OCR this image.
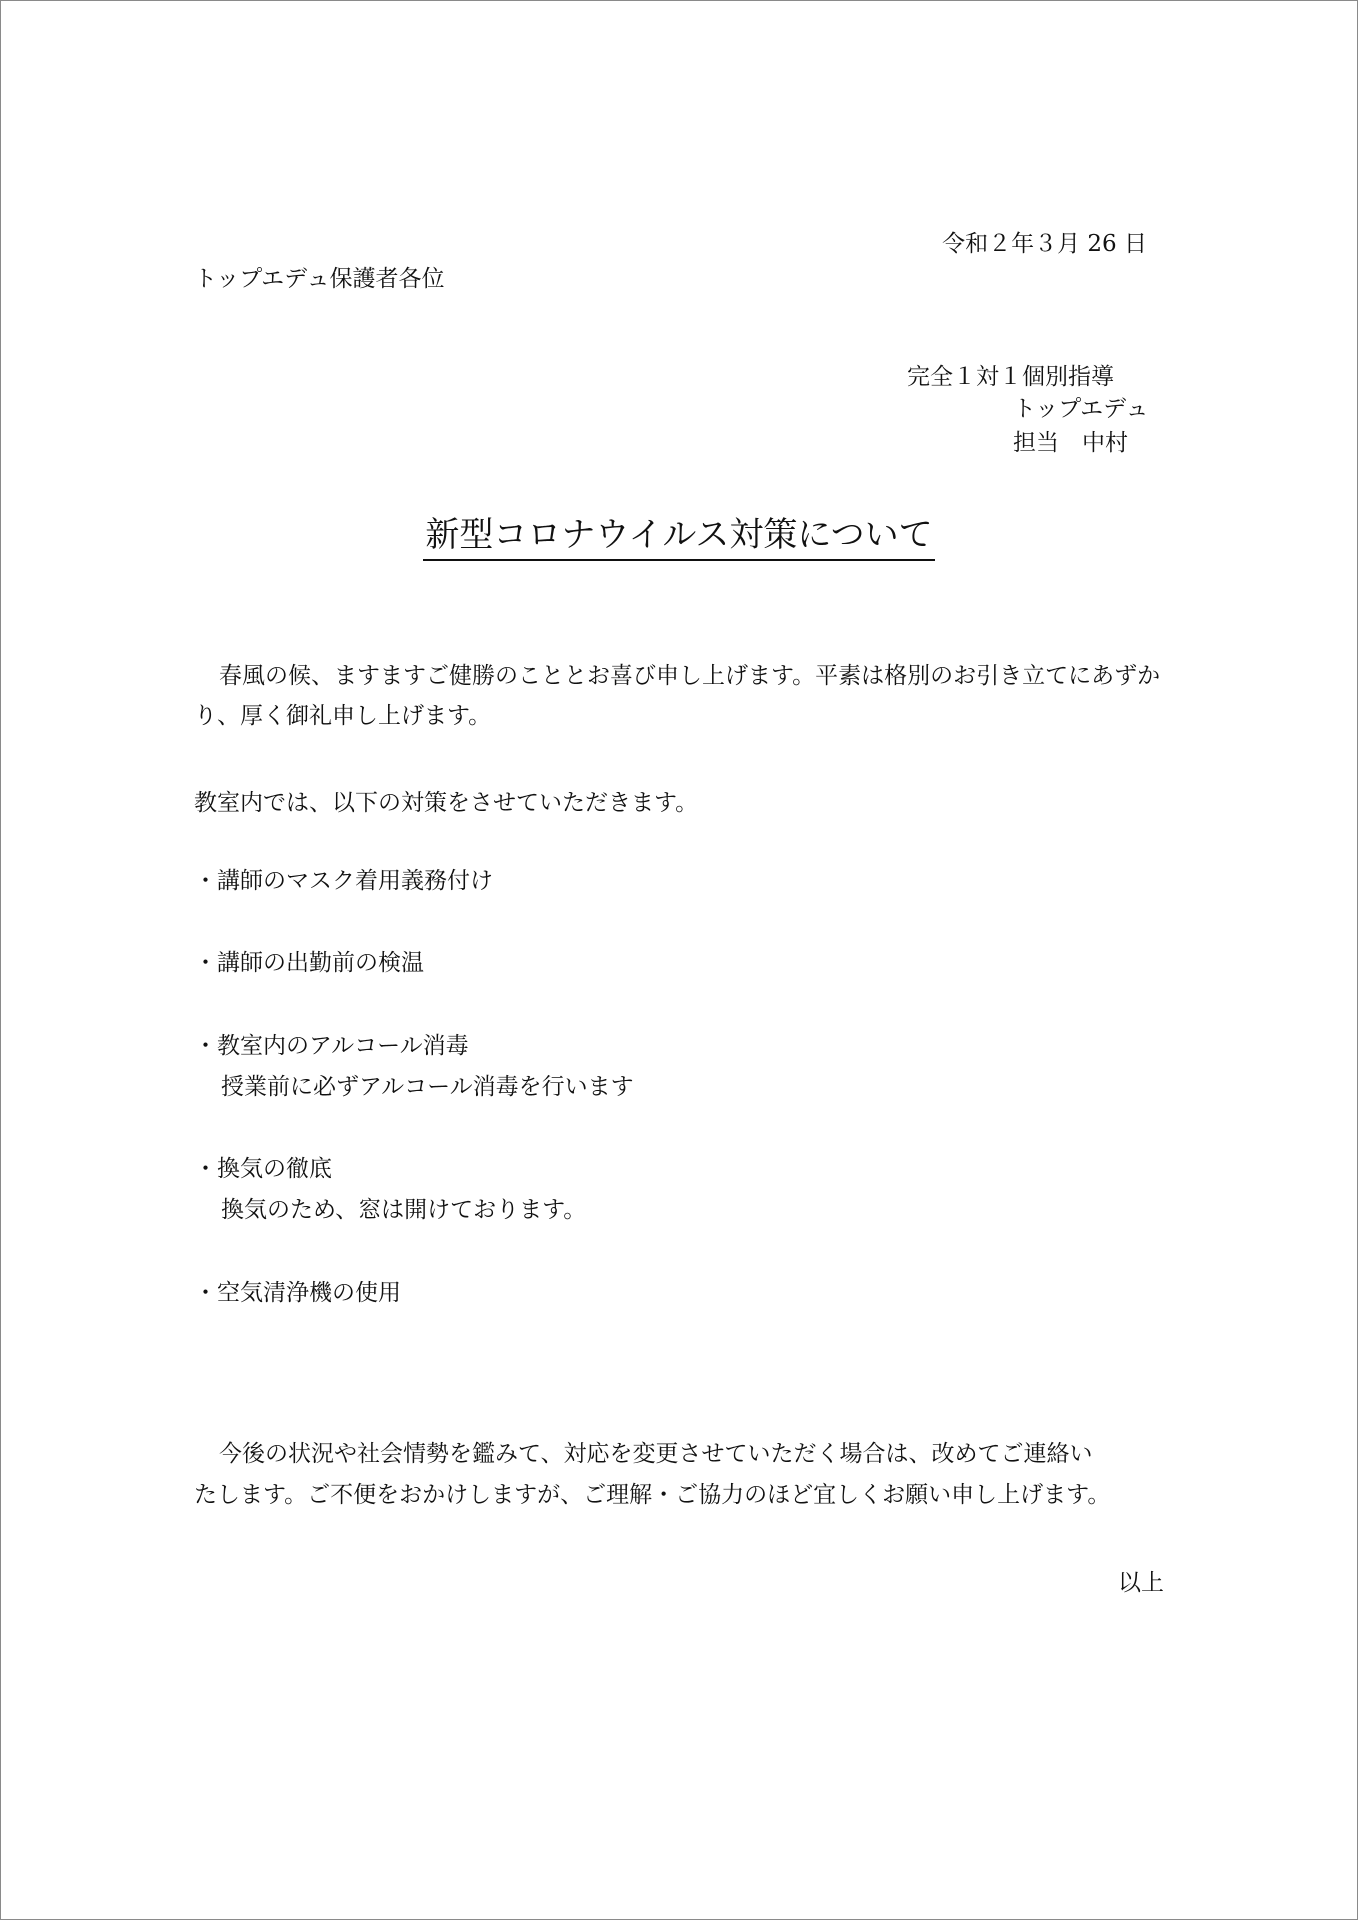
令和２年３月 26 日
トップエデュ保護者各位
完全１対１個別指導
トップエデュ
担当　中村
新型コロナウイルス対策について
春風の候、ますますご健勝のこととお喜び申し上げます。平素は格別のお引き立てにあずか
り、厚く御礼申し上げます。
教室内では、以下の対策をさせていただきます。
・講師のマスク着用義務付け
・講師の出勤前の検温
・教室内のアルコール消毒
授業前に必ずアルコール消毒を行います
・換気の徹底
換気のため、窓は開けております。
・空気清浄機の使用
今後の状況や社会情勢を鑑みて、対応を変更させていただく場合は、改めてご連絡い
たします。ご不便をおかけしますが、ご理解・ご協力のほど宜しくお願い申し上げます。
以上
